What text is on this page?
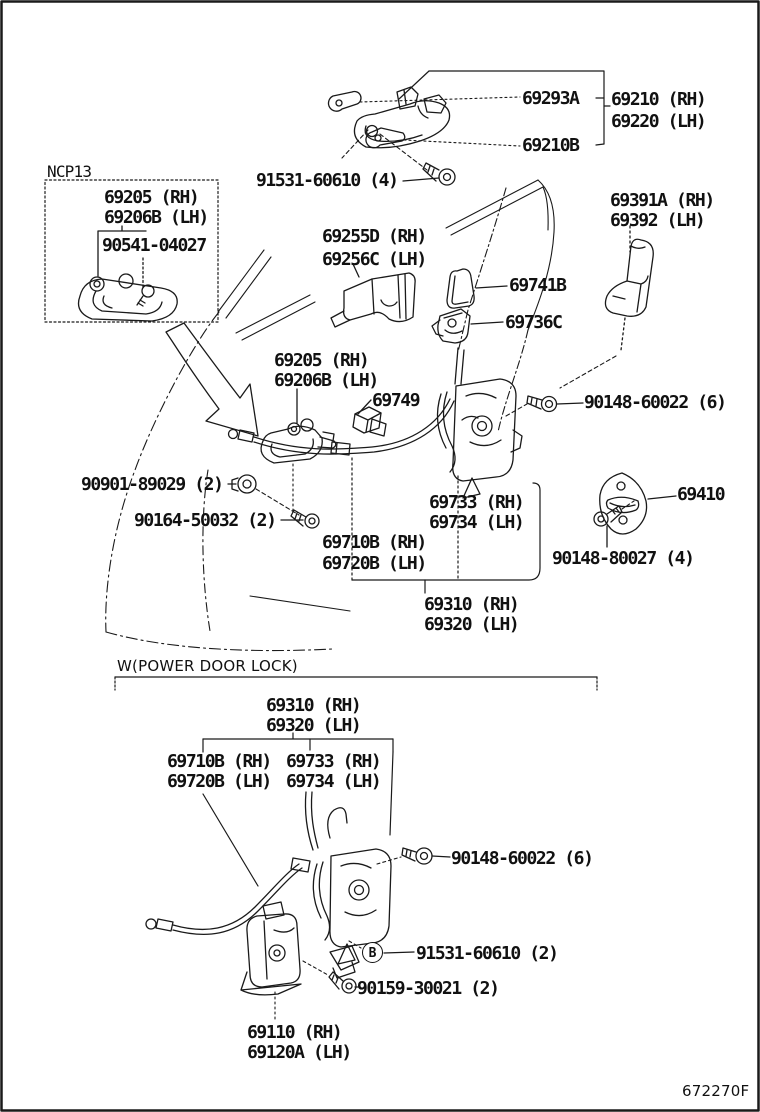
NCP13
69293A 69210 (RH)
69220 (LH)
69210B
69205 (RH)
69206B (LH)
90541-04027
91531-60610 (4)
69255D (RH)
69256C (LH)
69391A (RH)
69392 (LH)
69741B
69736C
69205 (RH)
69206B (LH)
69749	90148-60022 (6)
90901-89029 (2)
90164-50032 (2)
69733 (RH)
69734 (LH)
69710B (RH)
69720B (LH)
69410
90148-80027 (4)
69310 (RH)
69320 (LH)
W(POWER DOOR LOCK)
69310 (RH)
69320 (LH)
69710B (RH) 69733 (RH)
69720B (LH) 69734 (LH)
90148-60022 (6)
B	91531-60610 (2)
90159-30021 (2)
69110 (RH)
69120A (LH)
672270F
